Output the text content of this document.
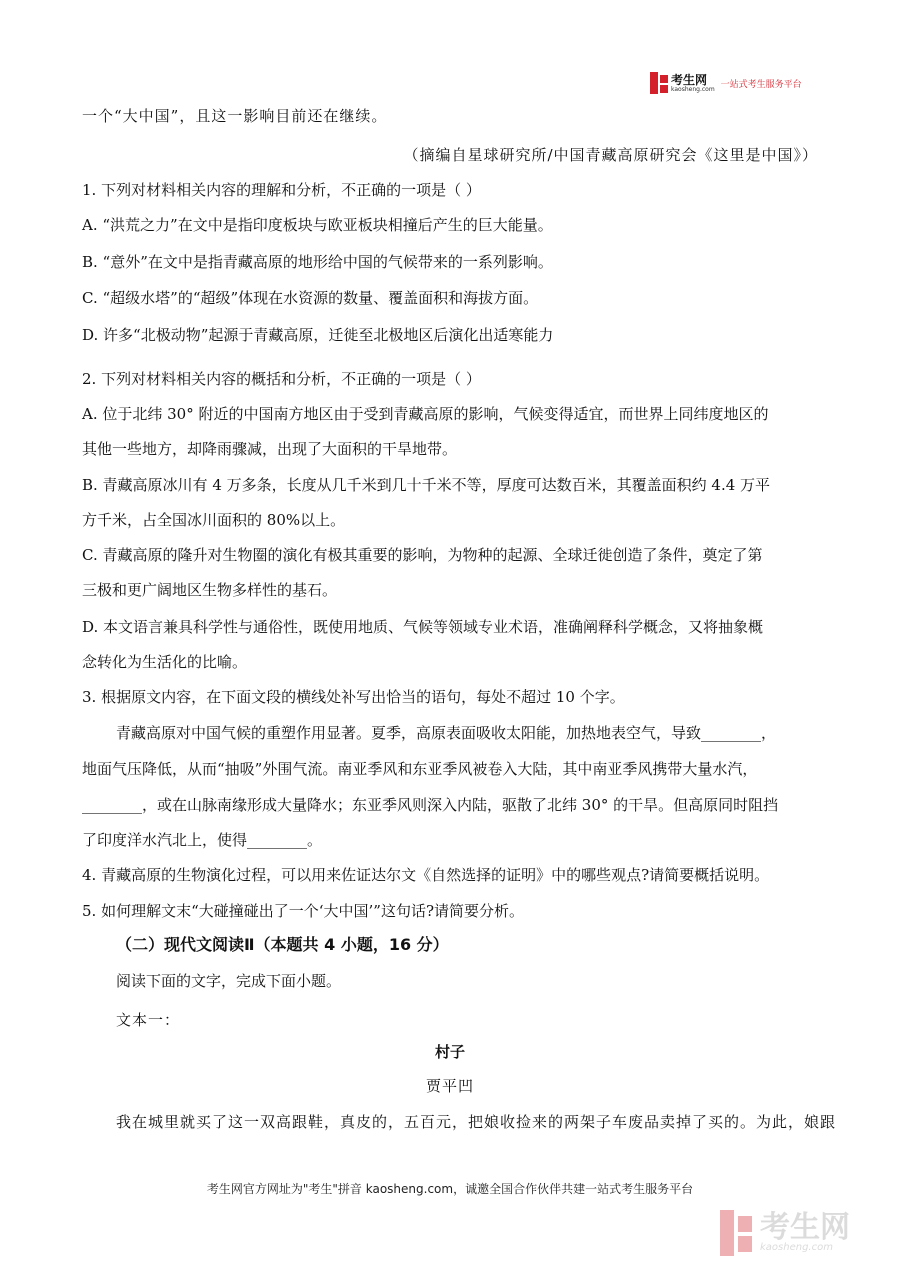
考生网
kaosheng.com 一站式考生服务平台
一个“大中国”，且这一影响目前还在继续。
（摘编自星球研究所/中国青藏高原研究会《这里是中国》）
1. 下列对材料相关内容的理解和分析，不正确的一项是（ ）
A. “洪荒之力”在文中是指印度板块与欧亚板块相撞后产生的巨大能量。
B. “意外”在文中是指青藏高原的地形给中国的气候带来的一系列影响。
C. “超级水塔”的“超级”体现在水资源的数量、覆盖面积和海拔方面。
D. 许多“北极动物”起源于青藏高原，迁徙至北极地区后演化出适寒能力
2. 下列对材料相关内容的概括和分析，不正确的一项是（ ）
A. 位于北纬 30° 附近的中国南方地区由于受到青藏高原的影响，气候变得适宜，而世界上同纬度地区的
其他一些地方，却降雨骤减，出现了大面积的干旱地带。
B. 青藏高原冰川有 4 万多条，长度从几千米到几十千米不等，厚度可达数百米，其覆盖面积约 4.4 万平
方千米，占全国冰川面积的 80%以上。
C. 青藏高原的隆升对生物圈的演化有极其重要的影响，为物种的起源、全球迁徙创造了条件，奠定了第
三极和更广阔地区生物多样性的基石。
D. 本文语言兼具科学性与通俗性，既使用地质、气候等领域专业术语，准确阐释科学概念，又将抽象概
念转化为生活化的比喻。
3. 根据原文内容，在下面文段的横线处补写出恰当的语句，每处不超过 10 个字。
青藏高原对中国气候的重塑作用显著。夏季，高原表面吸收太阳能，加热地表空气，导致________，
地面气压降低，从而“抽吸”外围气流。南亚季风和东亚季风被卷入大陆，其中南亚季风携带大量水汽，
________，或在山脉南缘形成大量降水；东亚季风则深入内陆，驱散了北纬 30° 的干旱。但高原同时阻挡
了印度洋水汽北上，使得________。
4. 青藏高原的生物演化过程，可以用来佐证达尔文《自然选择的证明》中的哪些观点?请简要概括说明。
5. 如何理解文末“大碰撞碰出了一个‘大中国’”这句话?请简要分析。
（二）现代文阅读Ⅱ（本题共 4 小题，16 分）
阅读下面的文字，完成下面小题。
文本一：
村子
贾平凹
我在城里就买了这一双高跟鞋，真皮的，五百元，把娘收捡来的两架子车废品卖掉了买的。为此，娘跟
考生网官方网址为"考生"拼音 kaosheng.com，诚邀全国合作伙伴共建一站式考生服务平台
考生网
kaosheng.com
